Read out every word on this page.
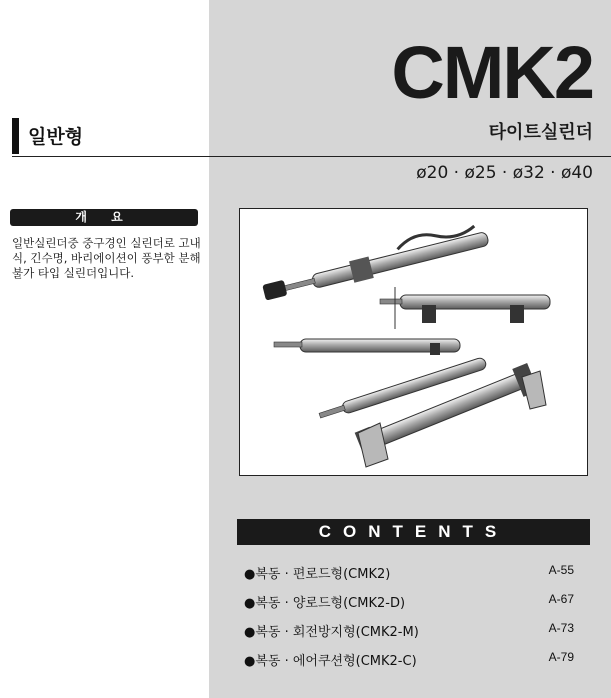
CMK2
타이트실린더
ø20 · ø25 · ø32 · ø40
일반형
개 요
일반실린더중 중구경인 실린더로 고내식, 긴수명, 바리에이션이 풍부한 분해 불가 타입 실린더입니다.
CONTENTS
●복동 · 편로드형(CMK2)	A-55
●복동 · 양로드형(CMK2-D)	A-67
●복동 · 회전방지형(CMK2-M)	A-73
●복동 · 에어쿠션형(CMK2-C)	A-79
